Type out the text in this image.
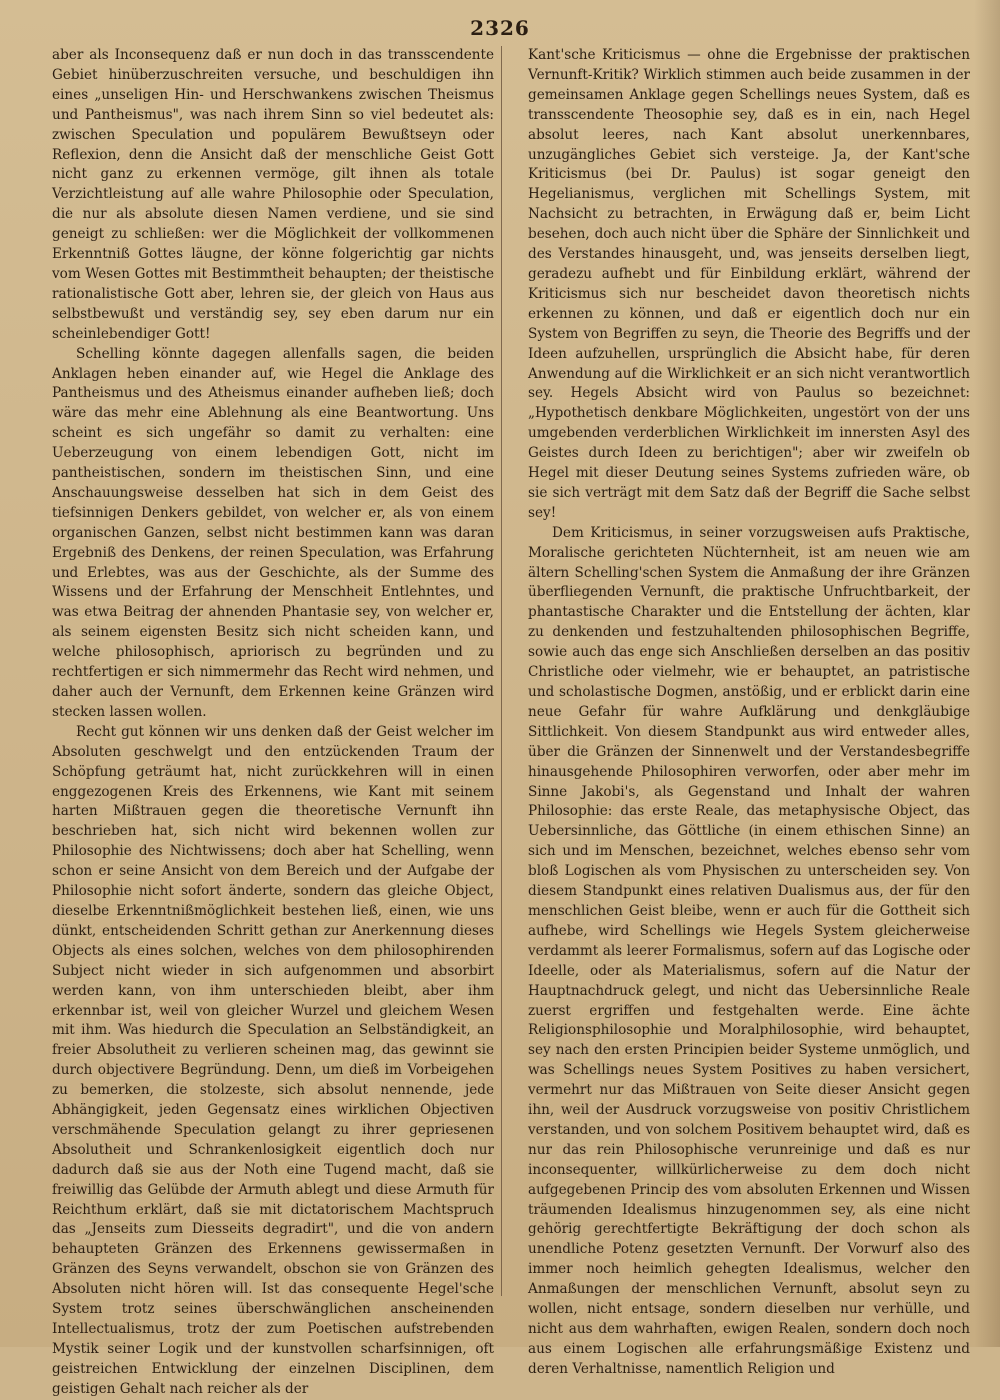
2326

aber als Inconsequenz daß er nun doch in das transscendente Gebiet hinüberzuschreiten versuche, und beschuldigen ihn eines „unseligen Hin- und Herschwankens zwischen Theismus und Pantheismus", was nach ihrem Sinn so viel bedeutet als: zwischen Speculation und populärem Bewußtseyn oder Reflexion, denn die Ansicht daß der menschliche Geist Gott nicht ganz zu erkennen vermöge, gilt ihnen als totale Verzichtleistung auf alle wahre Philosophie oder Speculation, die nur als absolute diesen Namen verdiene, und sie sind geneigt zu schließen: wer die Möglichkeit der vollkommenen Erkenntniß Gottes läugne, der könne folgerichtig gar nichts vom Wesen Gottes mit Bestimmtheit behaupten; der theistische rationalistische Gott aber, lehren sie, der gleich von Haus aus selbstbewußt und verständig sey, sey eben darum nur ein scheinlebendiger Gott!

Schelling könnte dagegen allenfalls sagen, die beiden Anklagen heben einander auf, wie Hegel die Anklage des Pantheismus und des Atheismus einander aufheben ließ; doch wäre das mehr eine Ablehnung als eine Beantwortung. Uns scheint es sich ungefähr so damit zu verhalten: eine Ueberzeugung von einem lebendigen Gott, nicht im pantheistischen, sondern im theistischen Sinn, und eine Anschauungsweise desselben hat sich in dem Geist des tiefsinnigen Denkers gebildet, von welcher er, als von einem organischen Ganzen, selbst nicht bestimmen kann was daran Ergebniß des Denkens, der reinen Speculation, was Erfahrung und Erlebtes, was aus der Geschichte, als der Summe des Wissens und der Erfahrung der Menschheit Entlehntes, und was etwa Beitrag der ahnenden Phantasie sey, von welcher er, als seinem eigensten Besitz sich nicht scheiden kann, und welche philosophisch, apriorisch zu begründen und zu rechtfertigen er sich nimmermehr das Recht wird nehmen, und daher auch der Vernunft, dem Erkennen keine Gränzen wird stecken lassen wollen.

Recht gut können wir uns denken daß der Geist welcher im Absoluten geschwelgt und den entzückenden Traum der Schöpfung geträumt hat, nicht zurückkehren will in einen enggezogenen Kreis des Erkennens, wie Kant mit seinem harten Mißtrauen gegen die theoretische Vernunft ihn beschrieben hat, sich nicht wird bekennen wollen zur Philosophie des Nichtwissens; doch aber hat Schelling, wenn schon er seine Ansicht von dem Bereich und der Aufgabe der Philosophie nicht sofort änderte, sondern das gleiche Object, dieselbe Erkenntnißmöglichkeit bestehen ließ, einen, wie uns dünkt, entscheidenden Schritt gethan zur Anerkennung dieses Objects als eines solchen, welches von dem philosophirenden Subject nicht wieder in sich aufgenommen und absorbirt werden kann, von ihm unterschieden bleibt, aber ihm erkennbar ist, weil von gleicher Wurzel und gleichem Wesen mit ihm. Was hiedurch die Speculation an Selbständigkeit, an freier Absolutheit zu verlieren scheinen mag, das gewinnt sie durch objectivere Begründung. Denn, um dieß im Vorbeigehen zu bemerken, die stolzeste, sich absolut nennende, jede Abhängigkeit, jeden Gegensatz eines wirklichen Objectiven verschmähende Speculation gelangt zu ihrer gepriesenen Absolutheit und Schrankenlosigkeit eigentlich doch nur dadurch daß sie aus der Noth eine Tugend macht, daß sie freiwillig das Gelübde der Armuth ablegt und diese Armuth für Reichthum erklärt, daß sie mit dictatorischem Machtspruch das „Jenseits zum Diesseits degradirt", und die von andern behaupteten Gränzen des Erkennens gewissermaßen in Gränzen des Seyns verwandelt, obschon sie von Gränzen des Absoluten nicht hören will. Ist das consequente Hegel'sche System trotz seines überschwänglichen anscheinenden Intellectualismus, trotz der zum Poetischen aufstrebenden Mystik seiner Logik und der kunstvollen scharfsinnigen, oft geistreichen Entwicklung der einzelnen Disciplinen, dem geistigen Gehalt nach reicher als der

Kant'sche Kriticismus — ohne die Ergebnisse der praktischen Vernunft-Kritik? Wirklich stimmen auch beide zusammen in der gemeinsamen Anklage gegen Schellings neues System, daß es transscendente Theosophie sey, daß es in ein, nach Hegel absolut leeres, nach Kant absolut unerkennbares, unzugängliches Gebiet sich versteige. Ja, der Kant'sche Kriticismus (bei Dr. Paulus) ist sogar geneigt den Hegelianismus, verglichen mit Schellings System, mit Nachsicht zu betrachten, in Erwägung daß er, beim Licht besehen, doch auch nicht über die Sphäre der Sinnlichkeit und des Verstandes hinausgeht, und, was jenseits derselben liegt, geradezu aufhebt und für Einbildung erklärt, während der Kriticismus sich nur bescheidet davon theoretisch nichts erkennen zu können, und daß er eigentlich doch nur ein System von Begriffen zu seyn, die Theorie des Begriffs und der Ideen aufzuhellen, ursprünglich die Absicht habe, für deren Anwendung auf die Wirklichkeit er an sich nicht verantwortlich sey. Hegels Absicht wird von Paulus so bezeichnet: „Hypothetisch denkbare Möglichkeiten, ungestört von der uns umgebenden verderblichen Wirklichkeit im innersten Asyl des Geistes durch Ideen zu berichtigen"; aber wir zweifeln ob Hegel mit dieser Deutung seines Systems zufrieden wäre, ob sie sich verträgt mit dem Satz daß der Begriff die Sache selbst sey!

Dem Kriticismus, in seiner vorzugsweisen aufs Praktische, Moralische gerichteten Nüchternheit, ist am neuen wie am ältern Schelling'schen System die Anmaßung der ihre Gränzen überfliegenden Vernunft, die praktische Unfruchtbarkeit, der phantastische Charakter und die Entstellung der ächten, klar zu denkenden und festzuhaltenden philosophischen Begriffe, sowie auch das enge sich Anschließen derselben an das positiv Christliche oder vielmehr, wie er behauptet, an patristische und scholastische Dogmen, anstößig, und er erblickt darin eine neue Gefahr für wahre Aufklärung und denkgläubige Sittlichkeit. Von diesem Standpunkt aus wird entweder alles, über die Gränzen der Sinnenwelt und der Verstandesbegriffe hinausgehende Philosophiren verworfen, oder aber mehr im Sinne Jakobi's, als Gegenstand und Inhalt der wahren Philosophie: das erste Reale, das metaphysische Object, das Uebersinnliche, das Göttliche (in einem ethischen Sinne) an sich und im Menschen, bezeichnet, welches ebenso sehr vom bloß Logischen als vom Physischen zu unterscheiden sey. Von diesem Standpunkt eines relativen Dualismus aus, der für den menschlichen Geist bleibe, wenn er auch für die Gottheit sich aufhebe, wird Schellings wie Hegels System gleicherweise verdammt als leerer Formalismus, sofern auf das Logische oder Ideelle, oder als Materialismus, sofern auf die Natur der Hauptnachdruck gelegt, und nicht das Uebersinnliche Reale zuerst ergriffen und festgehalten werde. Eine ächte Religionsphilosophie und Moralphilosophie, wird behauptet, sey nach den ersten Principien beider Systeme unmöglich, und was Schellings neues System Positives zu haben versichert, vermehrt nur das Mißtrauen von Seite dieser Ansicht gegen ihn, weil der Ausdruck vorzugsweise von positiv Christlichem verstanden, und von solchem Positivem behauptet wird, daß es nur das rein Philosophische verunreinige und daß es nur inconsequenter, willkürlicherweise zu dem doch nicht aufgegebenen Princip des vom absoluten Erkennen und Wissen träumenden Idealismus hinzugenommen sey, als eine nicht gehörig gerechtfertigte Bekräftigung der doch schon als unendliche Potenz gesetzten Vernunft. Der Vorwurf also des immer noch heimlich gehegten Idealismus, welcher den Anmaßungen der menschlichen Vernunft, absolut seyn zu wollen, nicht entsage, sondern dieselben nur verhülle, und nicht aus dem wahrhaften, ewigen Realen, sondern doch noch aus einem Logischen alle erfahrungsmäßige Existenz und deren Verhaltnisse, namentlich Religion und
